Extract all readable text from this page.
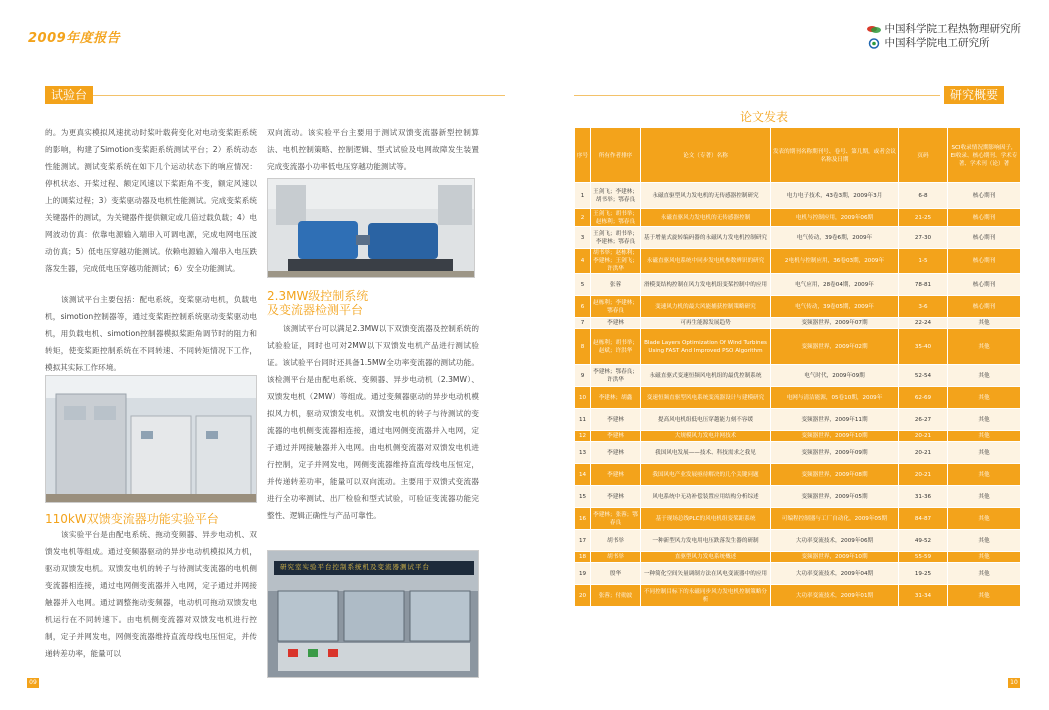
2009年度报告
中国科学院工程热物理研究所
中国科学院电工研究所
试验台	研究概要
的。为更真实模拟风速扰动时桨叶载荷变化对电动变桨距系统的影响，构建了Simotion变桨距系统测试平台；2）系统动态性能测试。测试变桨系统在如下几个运动状态下的响应情况：停机状态、开桨过程、额定风速以下桨距角不变，额定风速以上的调桨过程；3）变桨驱动器及电机性能测试。完成变桨系统关键器件的测试，为关键器件提供额定或几倍过载负载；4）电网波动仿真：依靠电源输入端串入可调电源，完成电网电压波动仿真；5）低电压穿越功能测试。依赖电源输入端串入电压跌落发生器，完成低电压穿越功能测试；6）安全功能测试。
该测试平台主要包括：配电系统，变桨驱动电机，负载电机，simotion控制器等，通过变桨距控制系统驱动变桨驱动电机，用负载电机、simotion控制器模拟桨距角调节时的阻力和转矩，使变桨距控制系统在不同转速、不同转矩情况下工作，模拟其实际工作环境。
110kW双馈变流器功能实验平台
该实验平台是由配电系统、拖动变频器、异步电动机、双馈发电机等组成。通过变频器驱动的异步电动机模拟风力机，驱动双馈发电机。双馈发电机的转子与待测试变流器的电机侧变流器相连接，通过电网侧变流器并入电网，定子通过并网接触器并入电网。通过调整拖动变频器，电动机可拖动双馈发电机运行在不同转速下。由电机侧变流器对双馈发电机进行控制，定子并网发电，网侧变流器维持直流母线电压恒定，并传递转差功率，能量可以
双向流动。该实验平台主要用于测试双馈变流器新型控制算法、电机控制策略、控制逻辑、型式试验及电网故障发生装置完成变流器小功率低电压穿越功能测试等。
2.3MW级控制系统
及变流器检测平台
该测试平台可以满足2.3MW以下双馈变流器及控制系统的试验验证，同时也可对2MW以下双馈发电机产品进行测试验证。该试验平台同时还具备1.5MW全功率变流器的测试功能。该检测平台是由配电系统、变频器、异步电动机（2.3MW）、双馈发电机（2MW）等组成。通过变频器驱动的异步电动机模拟风力机，驱动双馈发电机。双馈发电机的转子与待测试的变流器的电机侧变流器相连接，通过电网侧变流器并入电网，定子通过并网接触器并入电网。由电机侧变流器对双馈发电机进行控制，定子并网发电，网侧变流器维持直流母线电压恒定，并传递转差功率，能量可以双向流动。主要用于双馈式变流器进行全功率测试、出厂检验和型式试验，可验证变流器功能完整性、逻辑正确性与产品可靠性。
研究室实验平台控制系统机及变流器测试平台
论文发表
序号	所有作者排序	论文（专著）名称	发表的期刊名称期刊号、卷号、第几期，或者会议名称及日期	页码	SCI收录情况期影响因子，EI收录、核心期刊、学术专著、学术刊（论）著
1	王剑飞；李建林；胡书举；鄂春良	永磁直驱型风力发电机的无传感器控制研究	电力电子技术，43卷3期，2009年3月	6-8	核心期刊
2	王剑飞；胡书举；赵栋利；鄂春良	永磁直驱风力发电机的无传感器控制	电机与控制应用，2009年06期	21-25	核心期刊
3	王剑飞；胡书举；李建林；鄂春良	基于增量式旋转编码器的永磁风力发电机控制研究	电气传动，39卷6期，2009年	27-30	核心期刊
4	胡书举；赵栋利；李建林；王剑飞；许洪华	永磁直驱风电系统中同步发电机参数辨识的研究	2电机与控制应用，36卷03期，2009年	1-5	核心期刊
5	张蓉	滑模变结构控制在风力发电机组变桨控制中的应用	电气应用，28卷04期，2009年	78-81	核心期刊
6	赵栋利；李建林；鄂春良	变速风力机的最大风能捕获控制策略研究	电气传动，39卷05期，2009年	3-6	核心期刊
7	李建林	可再生能源发展趋势	变频器世界，2009年07期	22-24	其他
8	赵栋利；胡书举；赵斌；许洪华	Blade Layers Optimization Of Wind Turbines Using FAST And Improved PSO Algorithm	变频器世界，2009年02期	35-40	其他
9	李建林；鄂春良；许洪华	永磁直驱式变速恒频风电机组的最优控制系统	电气时代，2009年09期	52-54	其他
10	李建林；胡鑫	变速恒频直驱型风电系统变流器设计与建模研究	电网与清洁能源，05卷10期，2009年	62-69	其他
11	李建林	提高风电机组低电压穿越能力刻不容缓	变频器世界，2009年11期	26-27	其他
12	李建林	大规模风力发电并网技术	变频器世界，2009年10期	20-21	其他
13	李建林	我国风电发展——技术、科技需求之我见	变频器世界，2009年09期	20-21	其他
14	李建林	我国风电产业发展亟待解决的几个关键问题	变频器世界，2009年08期	20-21	其他
15	李建林	风电系统中无功补偿装置应用结构分析综述	变频器世界，2009年05期	31-36	其他
16	李建林；张蓉；鄂春良	基于现场总线PLC的风电机组变桨距系统	可编程控制器与工厂自动化，2009年05期	84-87	其他
17	胡书举	一种新型风力发电用电压跌落发生器的研制	大功率变流技术，2009年06期	49-52	其他
18	胡书举	直驱型风力发电系统概述	变频器世界，2009年10期	55-59	其他
19	殷华	一种简化空间矢量调制方法在风电变流器中的应用	大功率变流技术，2009年04期	19-25	其他
20	张蓉；付勋波	不同控制目标下的永磁同步风力发电机控制策略分析	大功率变流技术，2009年01期	31-34	其他
09	10
